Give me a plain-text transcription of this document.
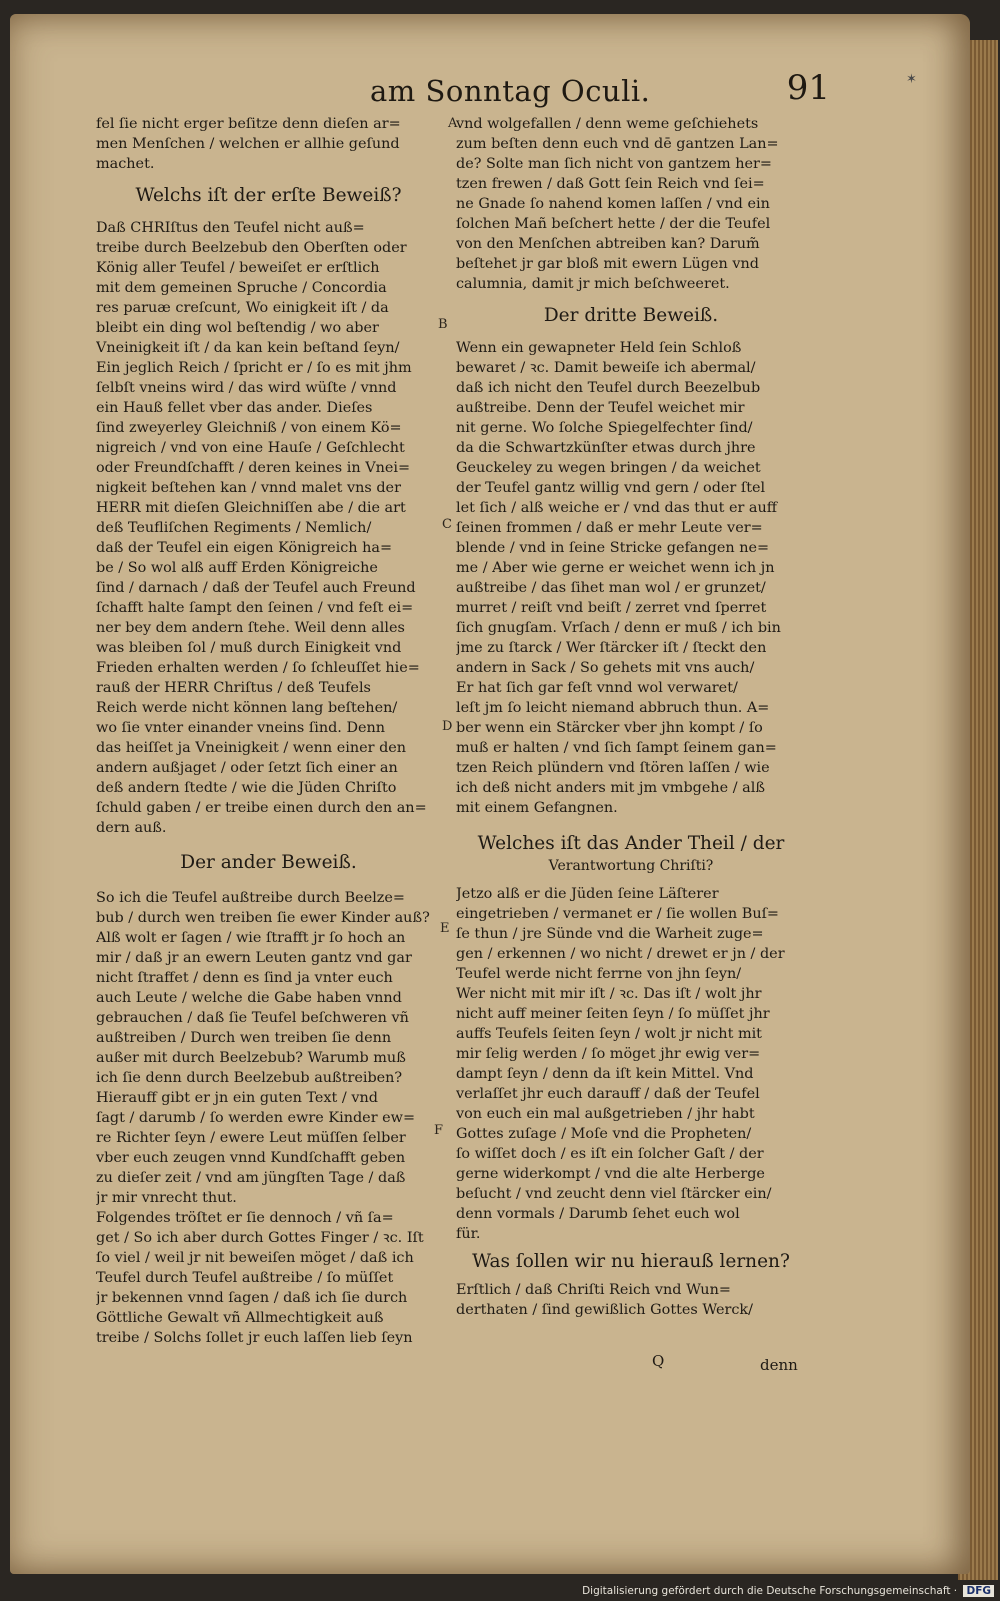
✶
am Sonntag Oculi.	91
fel ſie nicht erger beſitze denn dieſen ar=
men Menſchen / welchen er allhie geſund
machet.
Welchs iſt der erſte Beweiß?
Daß CHRIſtus den Teufel nicht auß=
treibe durch Beelzebub den Oberſten oder
König aller Teufel / beweiſet er erſtlich
mit dem gemeinen Spruche / Concordia
res paruæ creſcunt, Wo einigkeit iſt / da
bleibt ein ding wol beſtendig / wo aber
Vneinigkeit iſt / da kan kein beſtand ſeyn/
Ein jeglich Reich / ſpricht er / ſo es mit jhm
ſelbſt vneins wird / das wird wüſte / vnnd
ein Hauß fellet vber das ander. Dieſes
ſind zweyerley Gleichniß / von einem Kö=
nigreich / vnd von eine Hauſe / Geſchlecht
oder Freundſchafft / deren keines in Vnei=
nigkeit beſtehen kan / vnnd malet vns der
HERR mit dieſen Gleichniſſen abe / die art
deß Teufliſchen Regiments / Nemlich/
daß der Teufel ein eigen Königreich ha=
be / So wol alß auff Erden Königreiche
ſind / darnach / daß der Teufel auch Freund
ſchafft halte ſampt den ſeinen / vnd feſt ei=
ner bey dem andern ſtehe. Weil denn alles
was bleiben ſol / muß durch Einigkeit vnd
Frieden erhalten werden / ſo ſchleuſſet hie=
rauß der HERR Chriſtus / deß Teufels
Reich werde nicht können lang beſtehen/
wo ſie vnter einander vneins ſind. Denn
das heiſſet ja Vneinigkeit / wenn einer den
andern außjaget / oder ſetzt ſich einer an
deß andern ſtedte / wie die Jüden Chriſto
ſchuld gaben / er treibe einen durch den an=
dern auß.
Der ander Beweiß.
So ich die Teufel außtreibe durch Beelze=
bub / durch wen treiben ſie ewer Kinder auß?
Alß wolt er ſagen / wie ſtrafft jr ſo hoch an
mir / daß jr an ewern Leuten gantz vnd gar
nicht ſtraffet / denn es ſind ja vnter euch
auch Leute / welche die Gabe haben vnnd
gebrauchen / daß ſie Teufel beſchweren vñ
außtreiben / Durch wen treiben ſie denn
außer mit durch Beelzebub? Warumb muß
ich ſie denn durch Beelzebub außtreiben?
Hierauff gibt er jn ein guten Text / vnd
ſagt / darumb / ſo werden ewre Kinder ew=
re Richter ſeyn / ewere Leut müſſen ſelber
vber euch zeugen vnnd Kundſchafft geben
zu dieſer zeit / vnd am jüngſten Tage / daß
jr mir vnrecht thut.
Folgendes tröſtet er ſie dennoch / vñ ſa=
get / So ich aber durch Gottes Finger / ꝛc. Iſt
ſo viel / weil jr nit beweiſen möget / daß ich
Teufel durch Teufel außtreibe / ſo müſſet
jr bekennen vnnd ſagen / daß ich ſie durch
Göttliche Gewalt vñ Allmechtigkeit auß
treibe / Solchs ſollet jr euch laſſen lieb ſeyn
vnd wolgefallen / denn weme geſchiehets
zum beſten denn euch vnd dē gantzen Lan=
de? Solte man ſich nicht von gantzem her=
tzen frewen / daß Gott ſein Reich vnd ſei=
ne Gnade ſo nahend komen laſſen / vnd ein
ſolchen Mañ beſchert hette / der die Teufel
von den Menſchen abtreiben kan? Darum̃
beſtehet jr gar bloß mit ewern Lügen vnd
calumnia, damit jr mich beſchweeret.
Der dritte Beweiß.
Wenn ein gewapneter Held ſein Schloß
bewaret / ꝛc. Damit beweiſe ich abermal/
daß ich nicht den Teufel durch Beezelbub
außtreibe. Denn der Teufel weichet mir
nit gerne. Wo ſolche Spiegelfechter ſind/
da die Schwartzkünſter etwas durch jhre
Geuckeley zu wegen bringen / da weichet
der Teufel gantz willig vnd gern / oder ſtel
let ſich / alß weiche er / vnd das thut er auff
ſeinen frommen / daß er mehr Leute ver=
blende / vnd in ſeine Stricke gefangen ne=
me / Aber wie gerne er weichet wenn ich jn
außtreibe / das ſihet man wol / er grunzet/
murret / reiſt vnd beiſt / zerret vnd ſperret
ſich gnugſam. Vrſach / denn er muß / ich bin
jme zu ſtarck / Wer ſtärcker iſt / ſteckt den
andern in Sack / So gehets mit vns auch/
Er hat ſich gar feſt vnnd wol verwaret/
leſt jm ſo leicht niemand abbruch thun. A=
ber wenn ein Stärcker vber jhn kompt / ſo
muß er halten / vnd ſich ſampt ſeinem gan=
tzen Reich plündern vnd ſtören laſſen / wie
ich deß nicht anders mit jm vmbgehe / alß
mit einem Gefangnen.
Welches iſt das Ander Theil / der
Verantwortung Chriſti?
Jetzo alß er die Jüden ſeine Läſterer
eingetrieben / vermanet er / ſie wollen Buſ=
ſe thun / jre Sünde vnd die Warheit zuge=
gen / erkennen / wo nicht / drewet er jn / der
Teufel werde nicht ferrne von jhn ſeyn/
Wer nicht mit mir iſt / ꝛc. Das iſt / wolt jhr
nicht auff meiner ſeiten ſeyn / ſo müſſet jhr
auffs Teufels ſeiten ſeyn / wolt jr nicht mit
mir ſelig werden / ſo möget jhr ewig ver=
dampt ſeyn / denn da iſt kein Mittel. Vnd
verlaſſet jhr euch darauff / daß der Teufel
von euch ein mal außgetrieben / jhr habt
Gottes zuſage / Moſe vnd die Propheten/
ſo wiſſet doch / es iſt ein ſolcher Gaſt / der
gerne widerkompt / vnd die alte Herberge
beſucht / vnd zeucht denn viel ſtärcker ein/
denn vormals / Darumb ſehet euch wol
für.
Was ſollen wir nu hierauß lernen?
Erſtlich / daß Chriſti Reich vnd Wun=
derthaten / ſind gewißlich Gottes Werck/
A
B
C
D
E
F
Q	denn
Digitalisierung gefördert durch die Deutsche Forschungsgemeinschaft · DFG
